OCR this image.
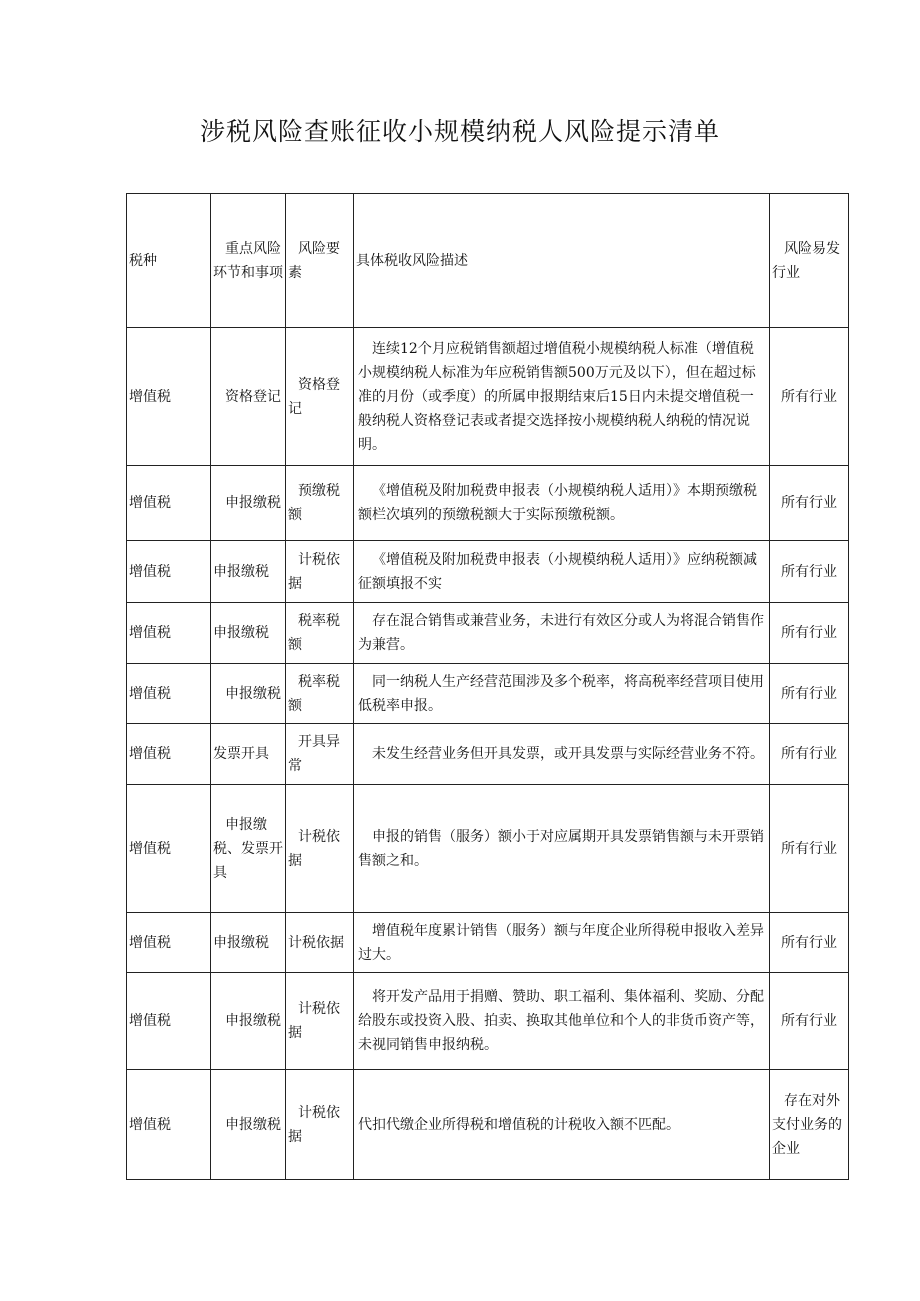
涉税风险查账征收小规模纳税人风险提示清单
税种	重点风险环节和事项	风险要素	具体税收风险描述	风险易发行业
增值税	资格登记	资格登记	连续12个月应税销售额超过增值税小规模纳税人标准（增值税小规模纳税人标准为年应税销售额500万元及以下），但在超过标准的月份（或季度）的所属申报期结束后15日内未提交增值税一般纳税人资格登记表或者提交选择按小规模纳税人纳税的情况说明。	所有行业
增值税	申报缴税	预缴税额	《增值税及附加税费申报表（小规模纳税人适用）》本期预缴税额栏次填列的预缴税额大于实际预缴税额。	所有行业
增值税	申报缴税	计税依据	《增值税及附加税费申报表（小规模纳税人适用）》应纳税额减征额填报不实	所有行业
增值税	申报缴税	税率税额	存在混合销售或兼营业务，未进行有效区分或人为将混合销售作为兼营。	所有行业
增值税	申报缴税	税率税额	同一纳税人生产经营范围涉及多个税率，将高税率经营项目使用低税率申报。	所有行业
增值税	发票开具	开具异常	未发生经营业务但开具发票，或开具发票与实际经营业务不符。	所有行业
增值税	申报缴税、发票开具	计税依据	申报的销售（服务）额小于对应属期开具发票销售额与未开票销售额之和。	所有行业
增值税	申报缴税	计税依据	增值税年度累计销售（服务）额与年度企业所得税申报收入差异过大。	所有行业
增值税	申报缴税	计税依据	将开发产品用于捐赠、赞助、职工福利、集体福利、奖励、分配给股东或投资入股、拍卖、换取其他单位和个人的非货币资产等，未视同销售申报纳税。	所有行业
增值税	申报缴税	计税依据	代扣代缴企业所得税和增值税的计税收入额不匹配。	存在对外支付业务的企业
